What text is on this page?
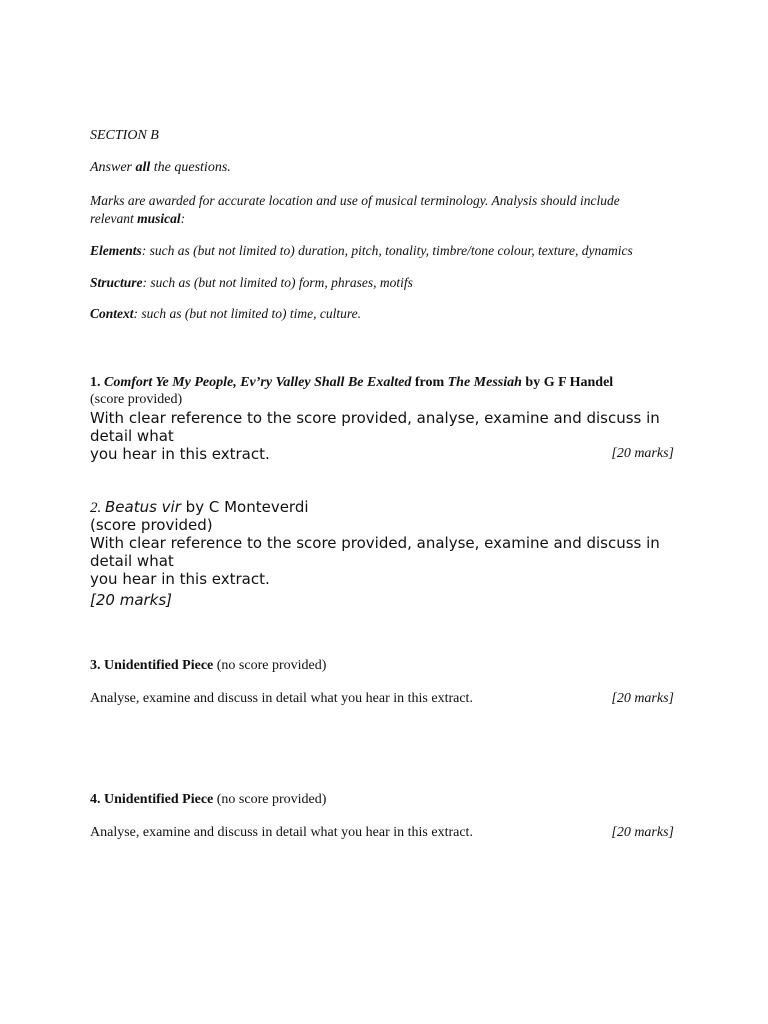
SECTION B
Answer all the questions.
Marks are awarded for accurate location and use of musical terminology. Analysis should include
relevant musical:
Elements: such as (but not limited to) duration, pitch, tonality, timbre/tone colour, texture, dynamics
Structure: such as (but not limited to) form, phrases, motifs
Context: such as (but not limited to) time, culture.
1. Comfort Ye My People, Ev’ry Valley Shall Be Exalted from The Messiah by G F Handel
(score provided)
With clear reference to the score provided, analyse, examine and discuss in
detail what
you hear in this extract.	[20 marks]
2. Beatus vir by C Monteverdi
(score provided)
With clear reference to the score provided, analyse, examine and discuss in
detail what
you hear in this extract.
[20 marks]
3. Unidentified Piece (no score provided)
Analyse, examine and discuss in detail what you hear in this extract.	[20 marks]
4. Unidentified Piece (no score provided)
Analyse, examine and discuss in detail what you hear in this extract.	[20 marks]
